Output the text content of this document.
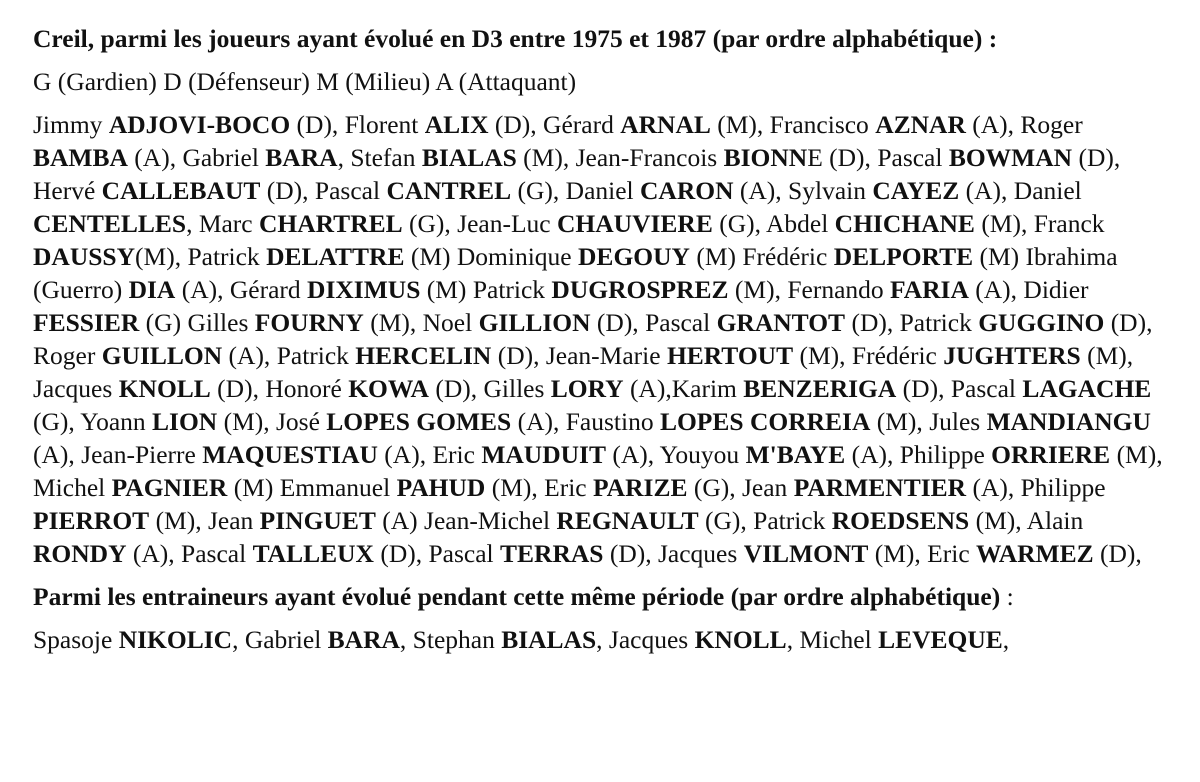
Creil, parmi les joueurs ayant évolué en D3 entre 1975 et 1987 (par ordre alphabétique) :

G (Gardien) D (Défenseur) M (Milieu) A (Attaquant)

Jimmy ADJOVI-BOCO (D), Florent ALIX (D), Gérard ARNAL (M), Francisco AZNAR (A), Roger BAMBA (A), Gabriel BARA, Stefan BIALAS (M), Jean-Francois BIONNE (D), Pascal BOWMAN (D), Hervé CALLEBAUT (D), Pascal CANTREL (G), Daniel CARON (A), Sylvain CAYEZ (A), Daniel CENTELLES, Marc CHARTREL (G), Jean-Luc CHAUVIERE (G), Abdel CHICHANE (M), Franck DAUSSY(M), Patrick DELATTRE (M) Dominique DEGOUY (M) Frédéric DELPORTE (M) Ibrahima (Guerro) DIA (A), Gérard DIXIMUS (M) Patrick DUGROSPREZ (M), Fernando FARIA (A), Didier FESSIER (G) Gilles FOURNY (M), Noel GILLION (D), Pascal GRANTOT (D), Patrick GUGGINO (D), Roger GUILLON (A), Patrick HERCELIN (D), Jean-Marie HERTOUT (M), Frédéric JUGHTERS (M), Jacques KNOLL (D), Honoré KOWA (D), Gilles LORY (A),Karim BENZERIGA (D), Pascal LAGACHE (G), Yoann LION (M), José LOPES GOMES (A), Faustino LOPES CORREIA (M), Jules MANDIANGU (A), Jean-Pierre MAQUESTIAU (A), Eric MAUDUIT (A), Youyou M'BAYE (A), Philippe ORRIERE (M), Michel PAGNIER (M) Emmanuel PAHUD (M), Eric PARIZE (G), Jean PARMENTIER (A), Philippe PIERROT (M), Jean PINGUET (A) Jean-Michel REGNAULT (G), Patrick ROEDSENS (M), Alain RONDY (A), Pascal TALLEUX (D), Pascal TERRAS (D), Jacques VILMONT (M), Eric WARMEZ (D),

Parmi les entraineurs ayant évolué pendant cette même période (par ordre alphabétique) :

Spasoje NIKOLIC, Gabriel BARA, Stephan BIALAS, Jacques KNOLL, Michel LEVEQUE,
